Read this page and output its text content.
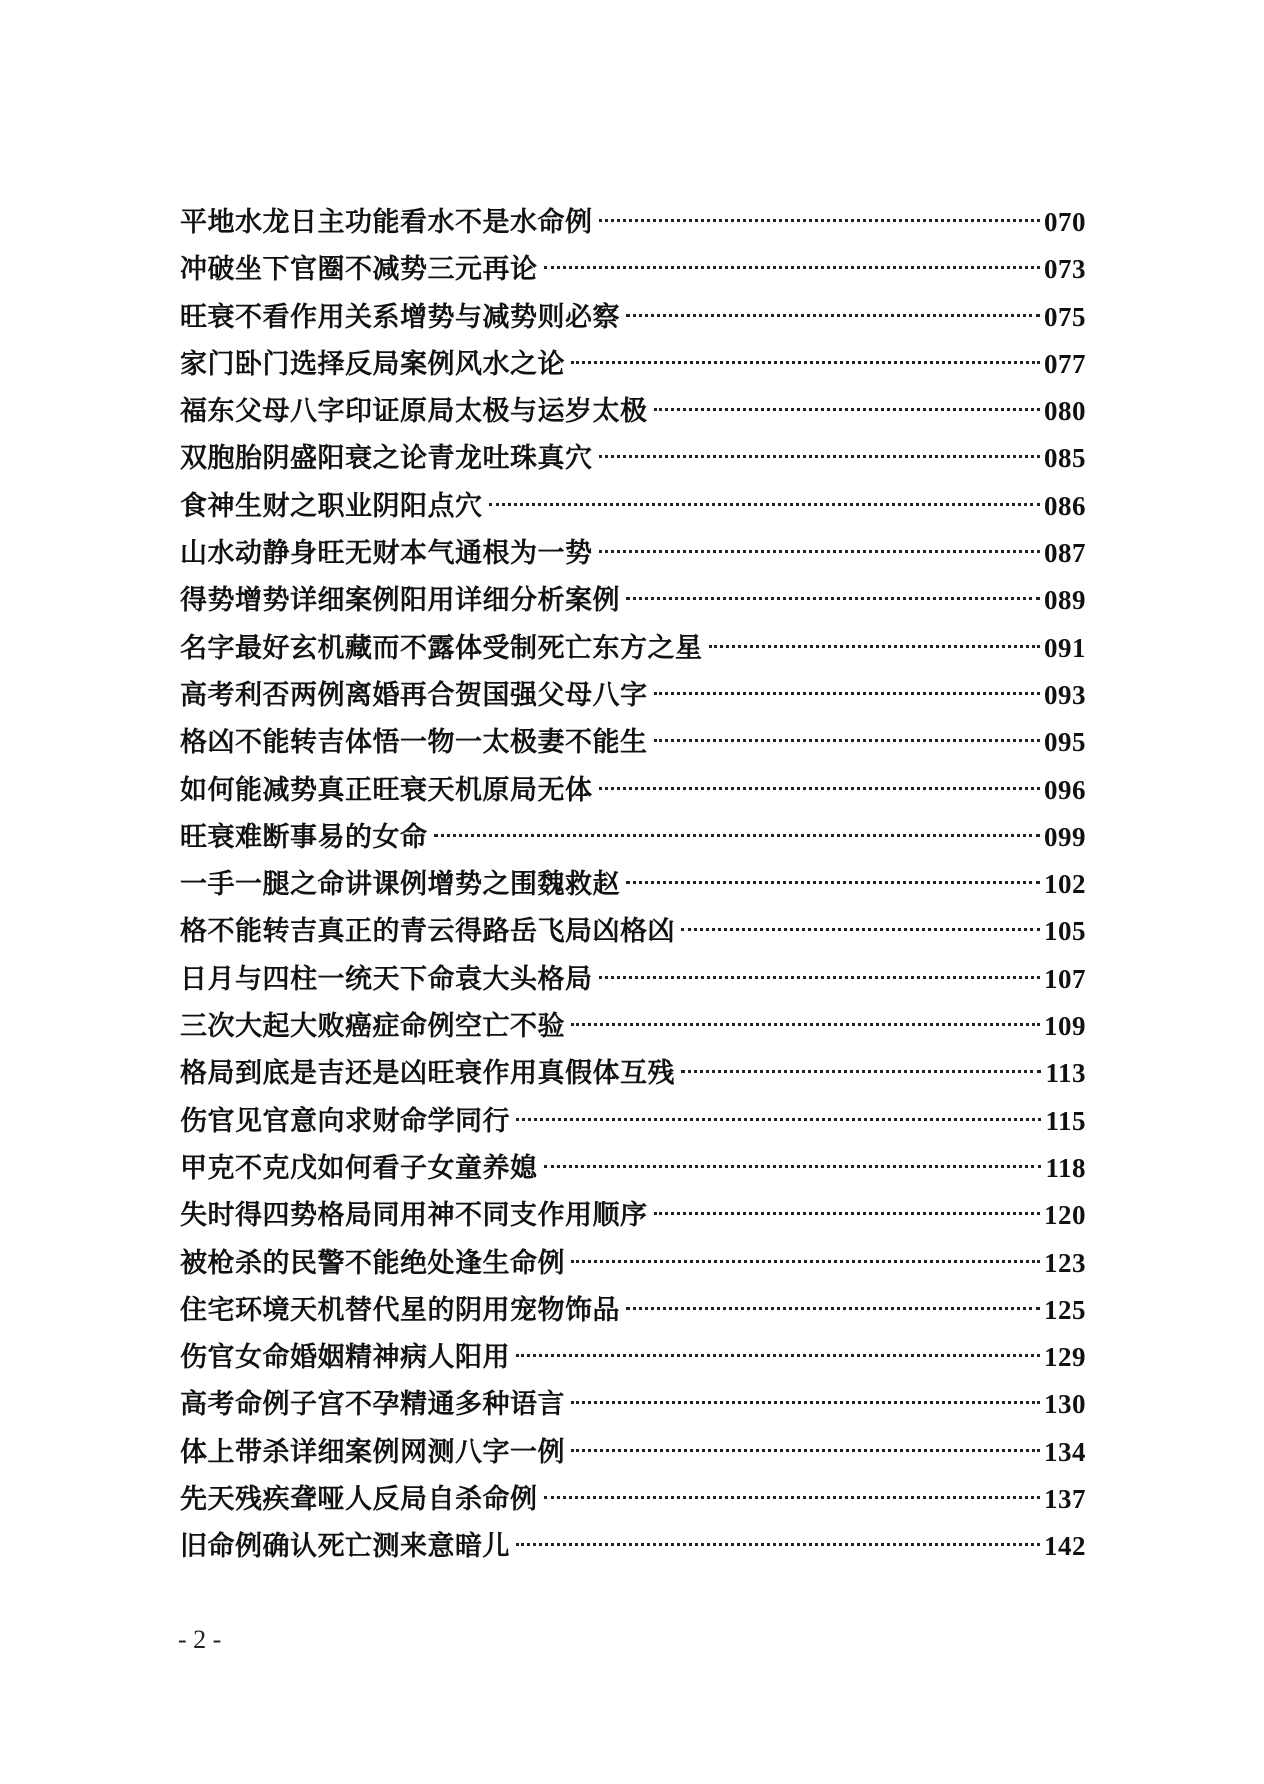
平地水龙日主功能看水不是水命例	070
冲破坐下官圈不减势三元再论	073
旺衰不看作用关系增势与减势则必察	075
家门卧门选择反局案例风水之论	077
福东父母八字印证原局太极与运岁太极	080
双胞胎阴盛阳衰之论青龙吐珠真穴	085
食神生财之职业阴阳点穴	086
山水动静身旺无财本气通根为一势	087
得势增势详细案例阳用详细分析案例	089
名字最好玄机藏而不露体受制死亡东方之星	091
高考利否两例离婚再合贺国强父母八字	093
格凶不能转吉体悟一物一太极妻不能生	095
如何能减势真正旺衰天机原局无体	096
旺衰难断事易的女命	099
一手一腿之命讲课例增势之围魏救赵	102
格不能转吉真正的青云得路岳飞局凶格凶	105
日月与四柱一统天下命袁大头格局	107
三次大起大败癌症命例空亡不验	109
格局到底是吉还是凶旺衰作用真假体互残	113
伤官见官意向求财命学同行	115
甲克不克戊如何看子女童养媳	118
失时得四势格局同用神不同支作用顺序	120
被枪杀的民警不能绝处逢生命例	123
住宅环境天机替代星的阴用宠物饰品	125
伤官女命婚姻精神病人阳用	129
高考命例子宫不孕精通多种语言	130
体上带杀详细案例网测八字一例	134
先天残疾聋哑人反局自杀命例	137
旧命例确认死亡测来意暗儿	142
- 2 -
